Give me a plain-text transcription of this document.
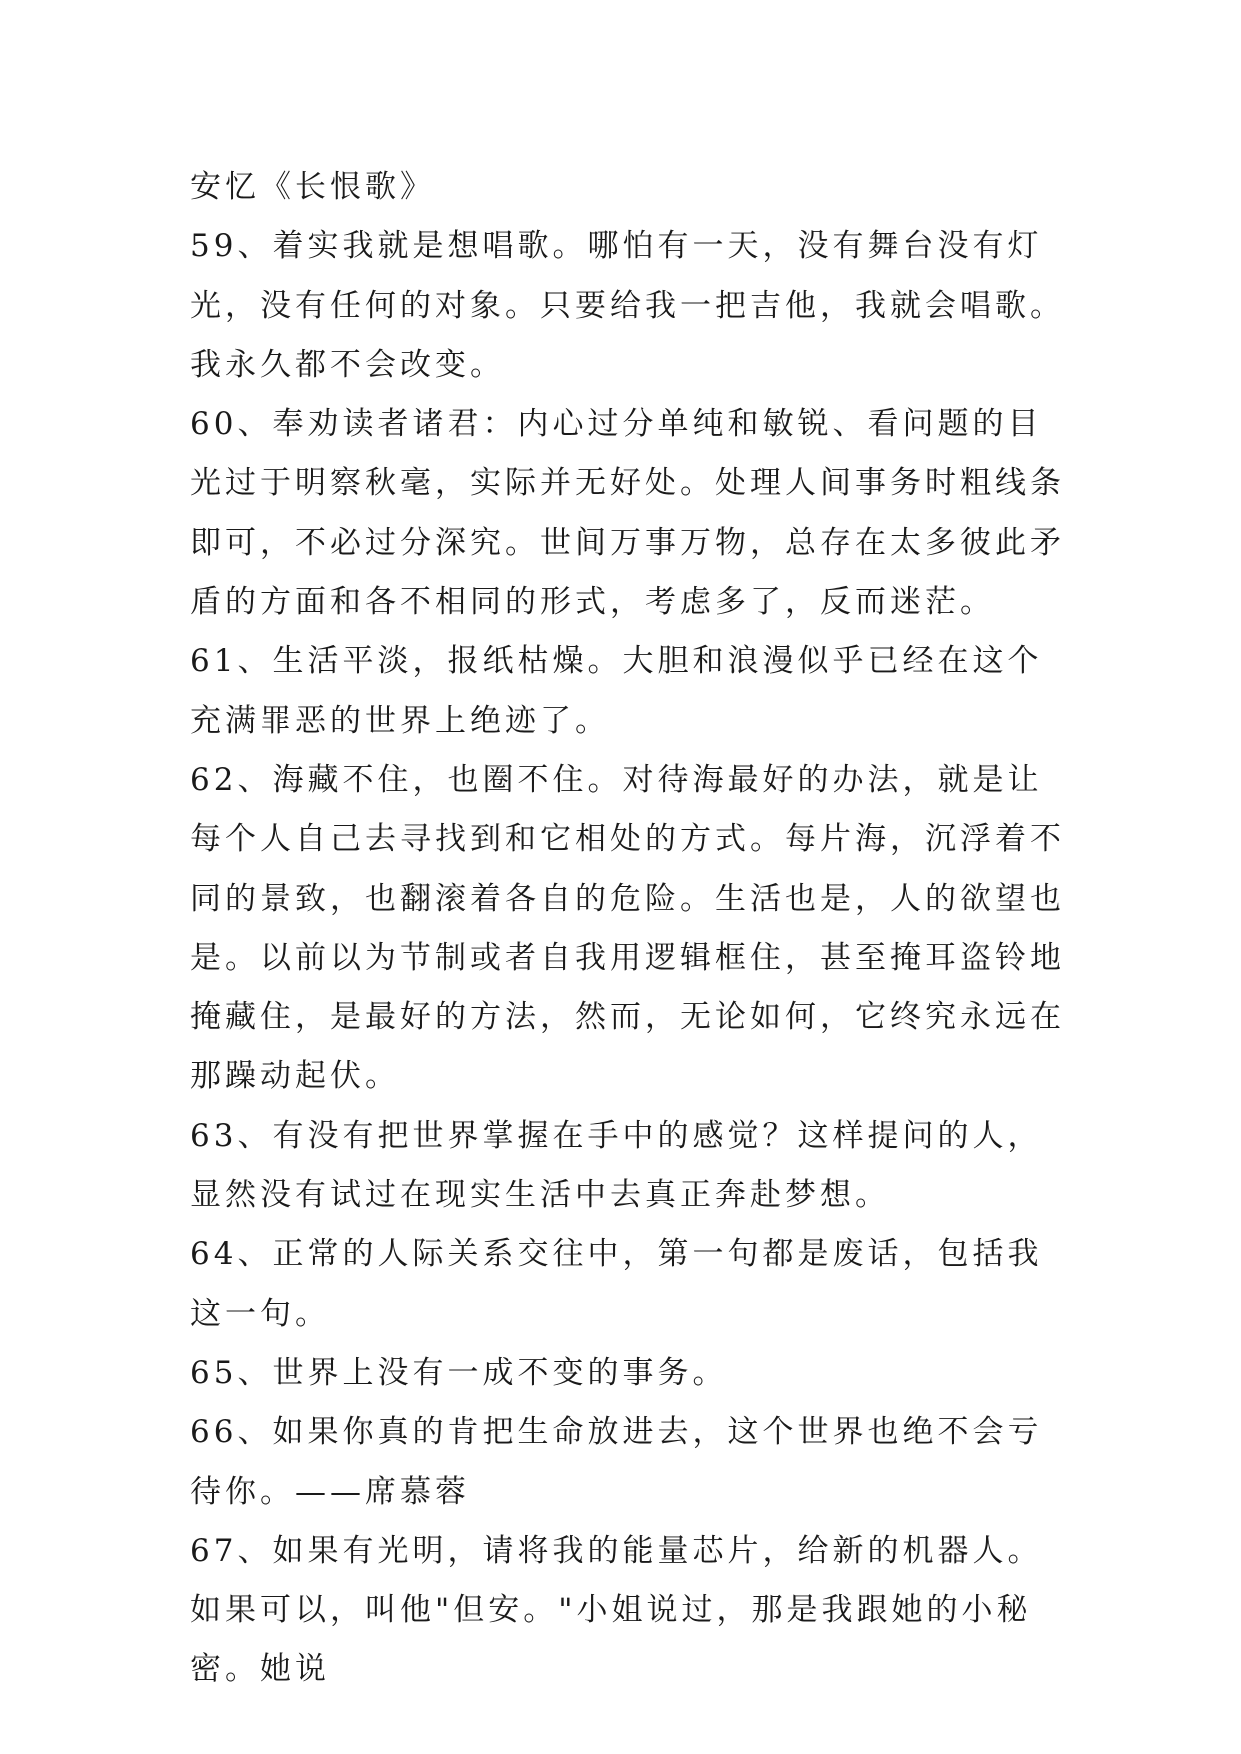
安忆《长恨歌》

59、着实我就是想唱歌。哪怕有一天，没有舞台没有灯光，没有任何的对象。只要给我一把吉他，我就会唱歌。我永久都不会改变。

60、奉劝读者诸君：内心过分单纯和敏锐、看问题的目光过于明察秋毫，实际并无好处。处理人间事务时粗线条即可，不必过分深究。世间万事万物，总存在太多彼此矛盾的方面和各不相同的形式，考虑多了，反而迷茫。

61、生活平淡，报纸枯燥。大胆和浪漫似乎已经在这个充满罪恶的世界上绝迹了。

62、海藏不住，也圈不住。对待海最好的办法，就是让每个人自己去寻找到和它相处的方式。每片海，沉浮着不同的景致，也翻滚着各自的危险。生活也是，人的欲望也是。以前以为节制或者自我用逻辑框住，甚至掩耳盗铃地掩藏住，是最好的方法，然而，无论如何，它终究永远在那躁动起伏。

63、有没有把世界掌握在手中的感觉？这样提问的人，显然没有试过在现实生活中去真正奔赴梦想。

64、正常的人际关系交往中，第一句都是废话，包括我这一句。

65、世界上没有一成不变的事务。

66、如果你真的肯把生命放进去，这个世界也绝不会亏待你。——席慕蓉

67、如果有光明，请将我的能量芯片，给新的机器人。如果可以，叫他"但安。"小姐说过，那是我跟她的小秘密。她说
